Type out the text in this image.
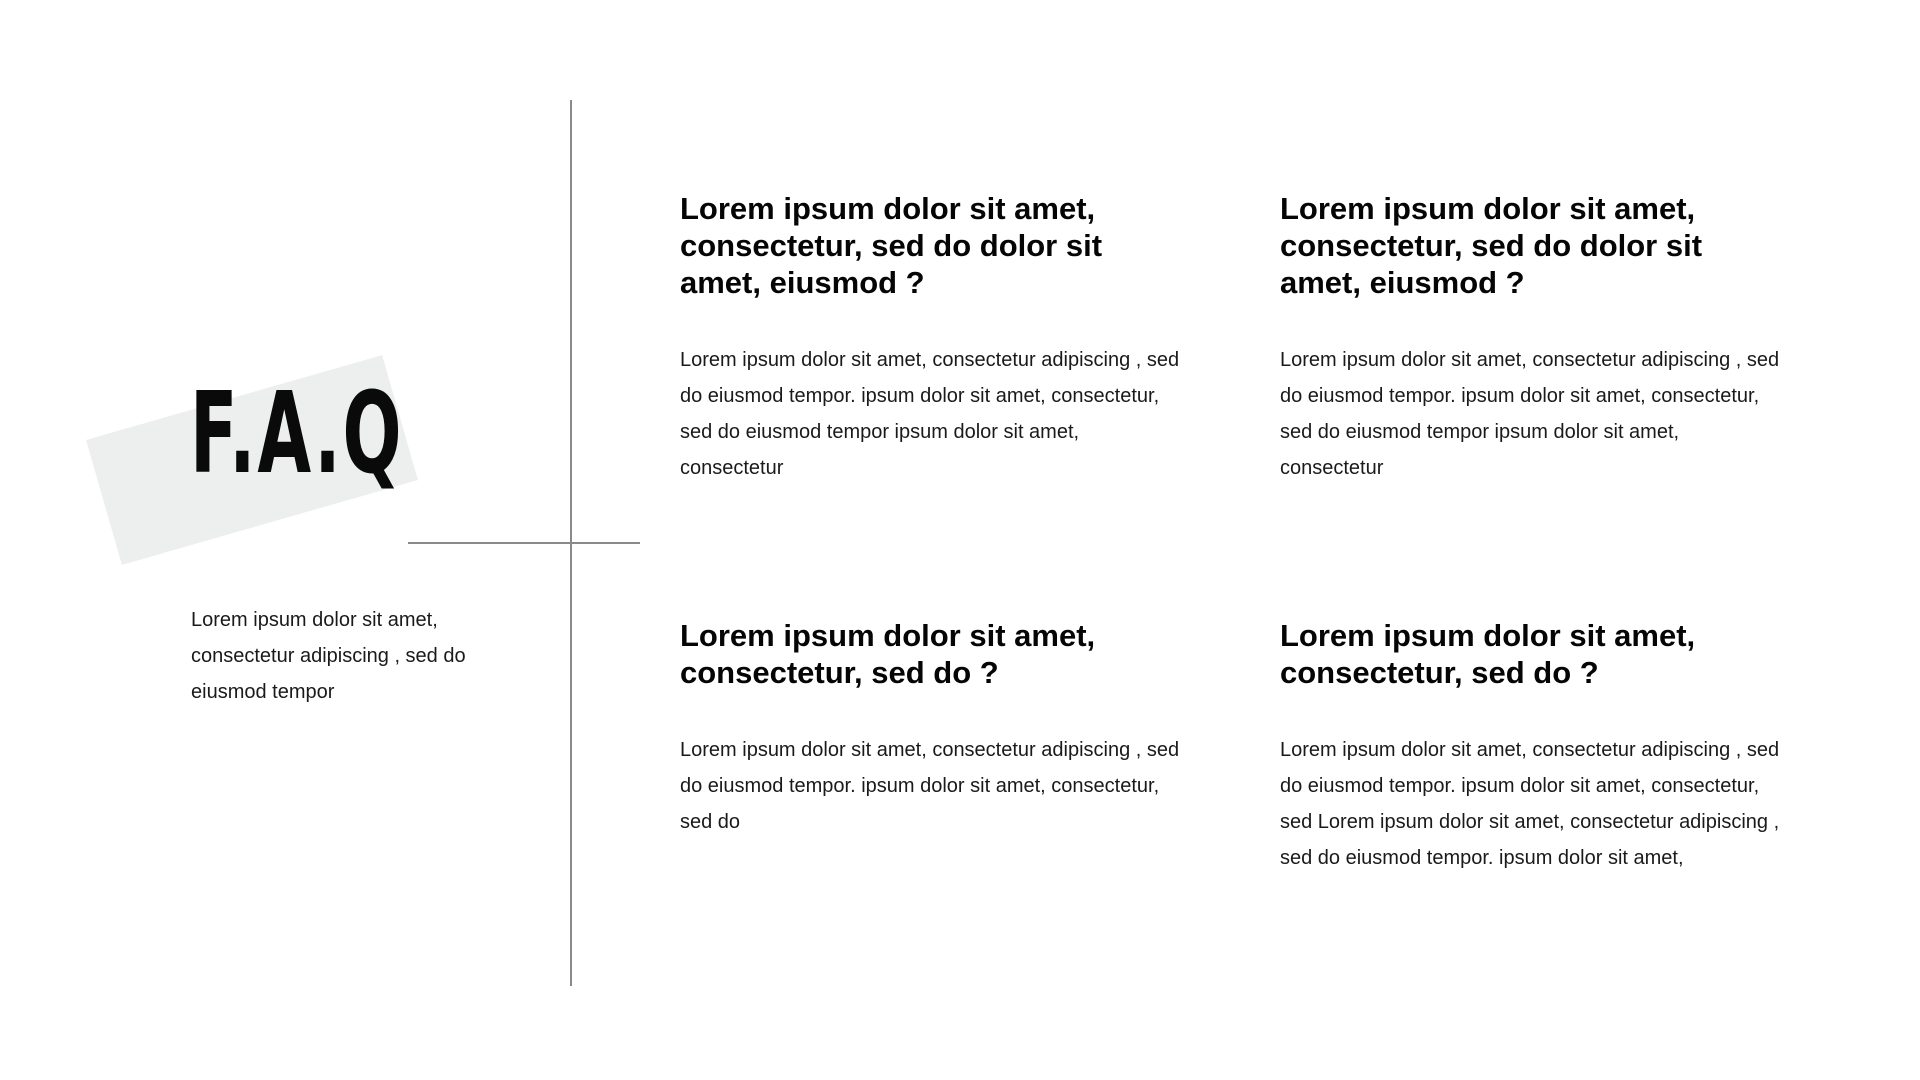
F.A.Q

Lorem ipsum dolor sit amet, consectetur adipiscing , sed do eiusmod tempor

Lorem ipsum dolor sit amet, consectetur, sed do dolor sit amet, eiusmod ?

Lorem ipsum dolor sit amet, consectetur adipiscing , sed do eiusmod tempor. ipsum dolor sit amet, consectetur, sed do eiusmod tempor ipsum dolor sit amet, consectetur

Lorem ipsum dolor sit amet, consectetur, sed do dolor sit amet, eiusmod ?

Lorem ipsum dolor sit amet, consectetur adipiscing , sed do eiusmod tempor. ipsum dolor sit amet, consectetur, sed do eiusmod tempor ipsum dolor sit amet, consectetur

Lorem ipsum dolor sit amet, consectetur, sed do ?

Lorem ipsum dolor sit amet, consectetur adipiscing , sed do eiusmod tempor. ipsum dolor sit amet, consectetur, sed do

Lorem ipsum dolor sit amet, consectetur, sed do ?

Lorem ipsum dolor sit amet, consectetur adipiscing , sed do eiusmod tempor. ipsum dolor sit amet, consectetur, sed Lorem ipsum dolor sit amet, consectetur adipiscing , sed do eiusmod tempor. ipsum dolor sit amet,
